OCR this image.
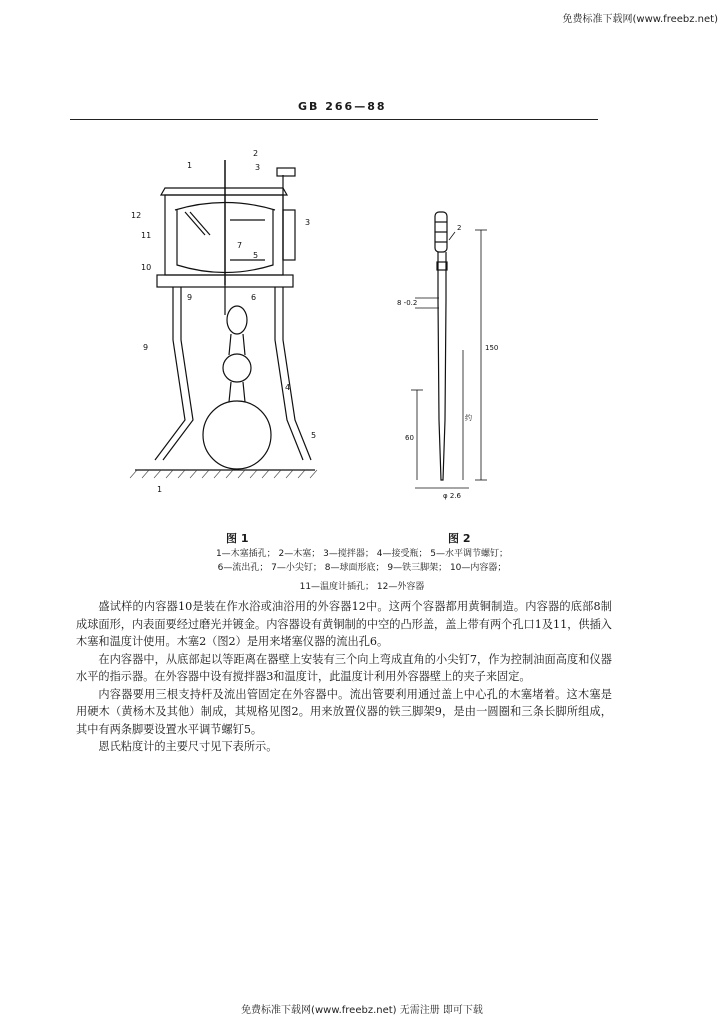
免费标准下载网(www.freebz.net)
GB 266—88
1
2
3
12
11
3
7
5
10
9	6
9
4
5
1
2
8 -0.2
150
60
约
φ 2.6
图 1	图 2
1—木塞插孔； 2—木塞； 3—搅拌器； 4—接受瓶； 5—水平调节螺钉；
6—流出孔； 7—小尖钉； 8—球面形底； 9—铁三脚架； 10—内容器；
11—温度计插孔； 12—外容器

盛试样的内容器10是装在作水浴或油浴用的外容器12中。这两个容器都用黄铜制造。内容器的底部8制成球面形，内表面要经过磨光并镀金。内容器设有黄铜制的中空的凸形盖，盖上带有两个孔口1及11，供插入木塞和温度计使用。木塞2（图2）是用来堵塞仪器的流出孔6。

在内容器中，从底部起以等距离在器壁上安装有三个向上弯成直角的小尖钉7，作为控制油面高度和仪器水平的指示器。在外容器中设有搅拌器3和温度计，此温度计利用外容器壁上的夹子来固定。

内容器要用三根支持杆及流出管固定在外容器中。流出管要利用通过盖上中心孔的木塞堵着。这木塞是用硬木（黄杨木及其他）制成，其规格见图2。用来放置仪器的铁三脚架9，是由一圆圈和三条长脚所组成，其中有两条脚要设置水平调节螺钉5。

恩氏粘度计的主要尺寸见下表所示。

免费标准下载网(www.freebz.net) 无需注册 即可下载
